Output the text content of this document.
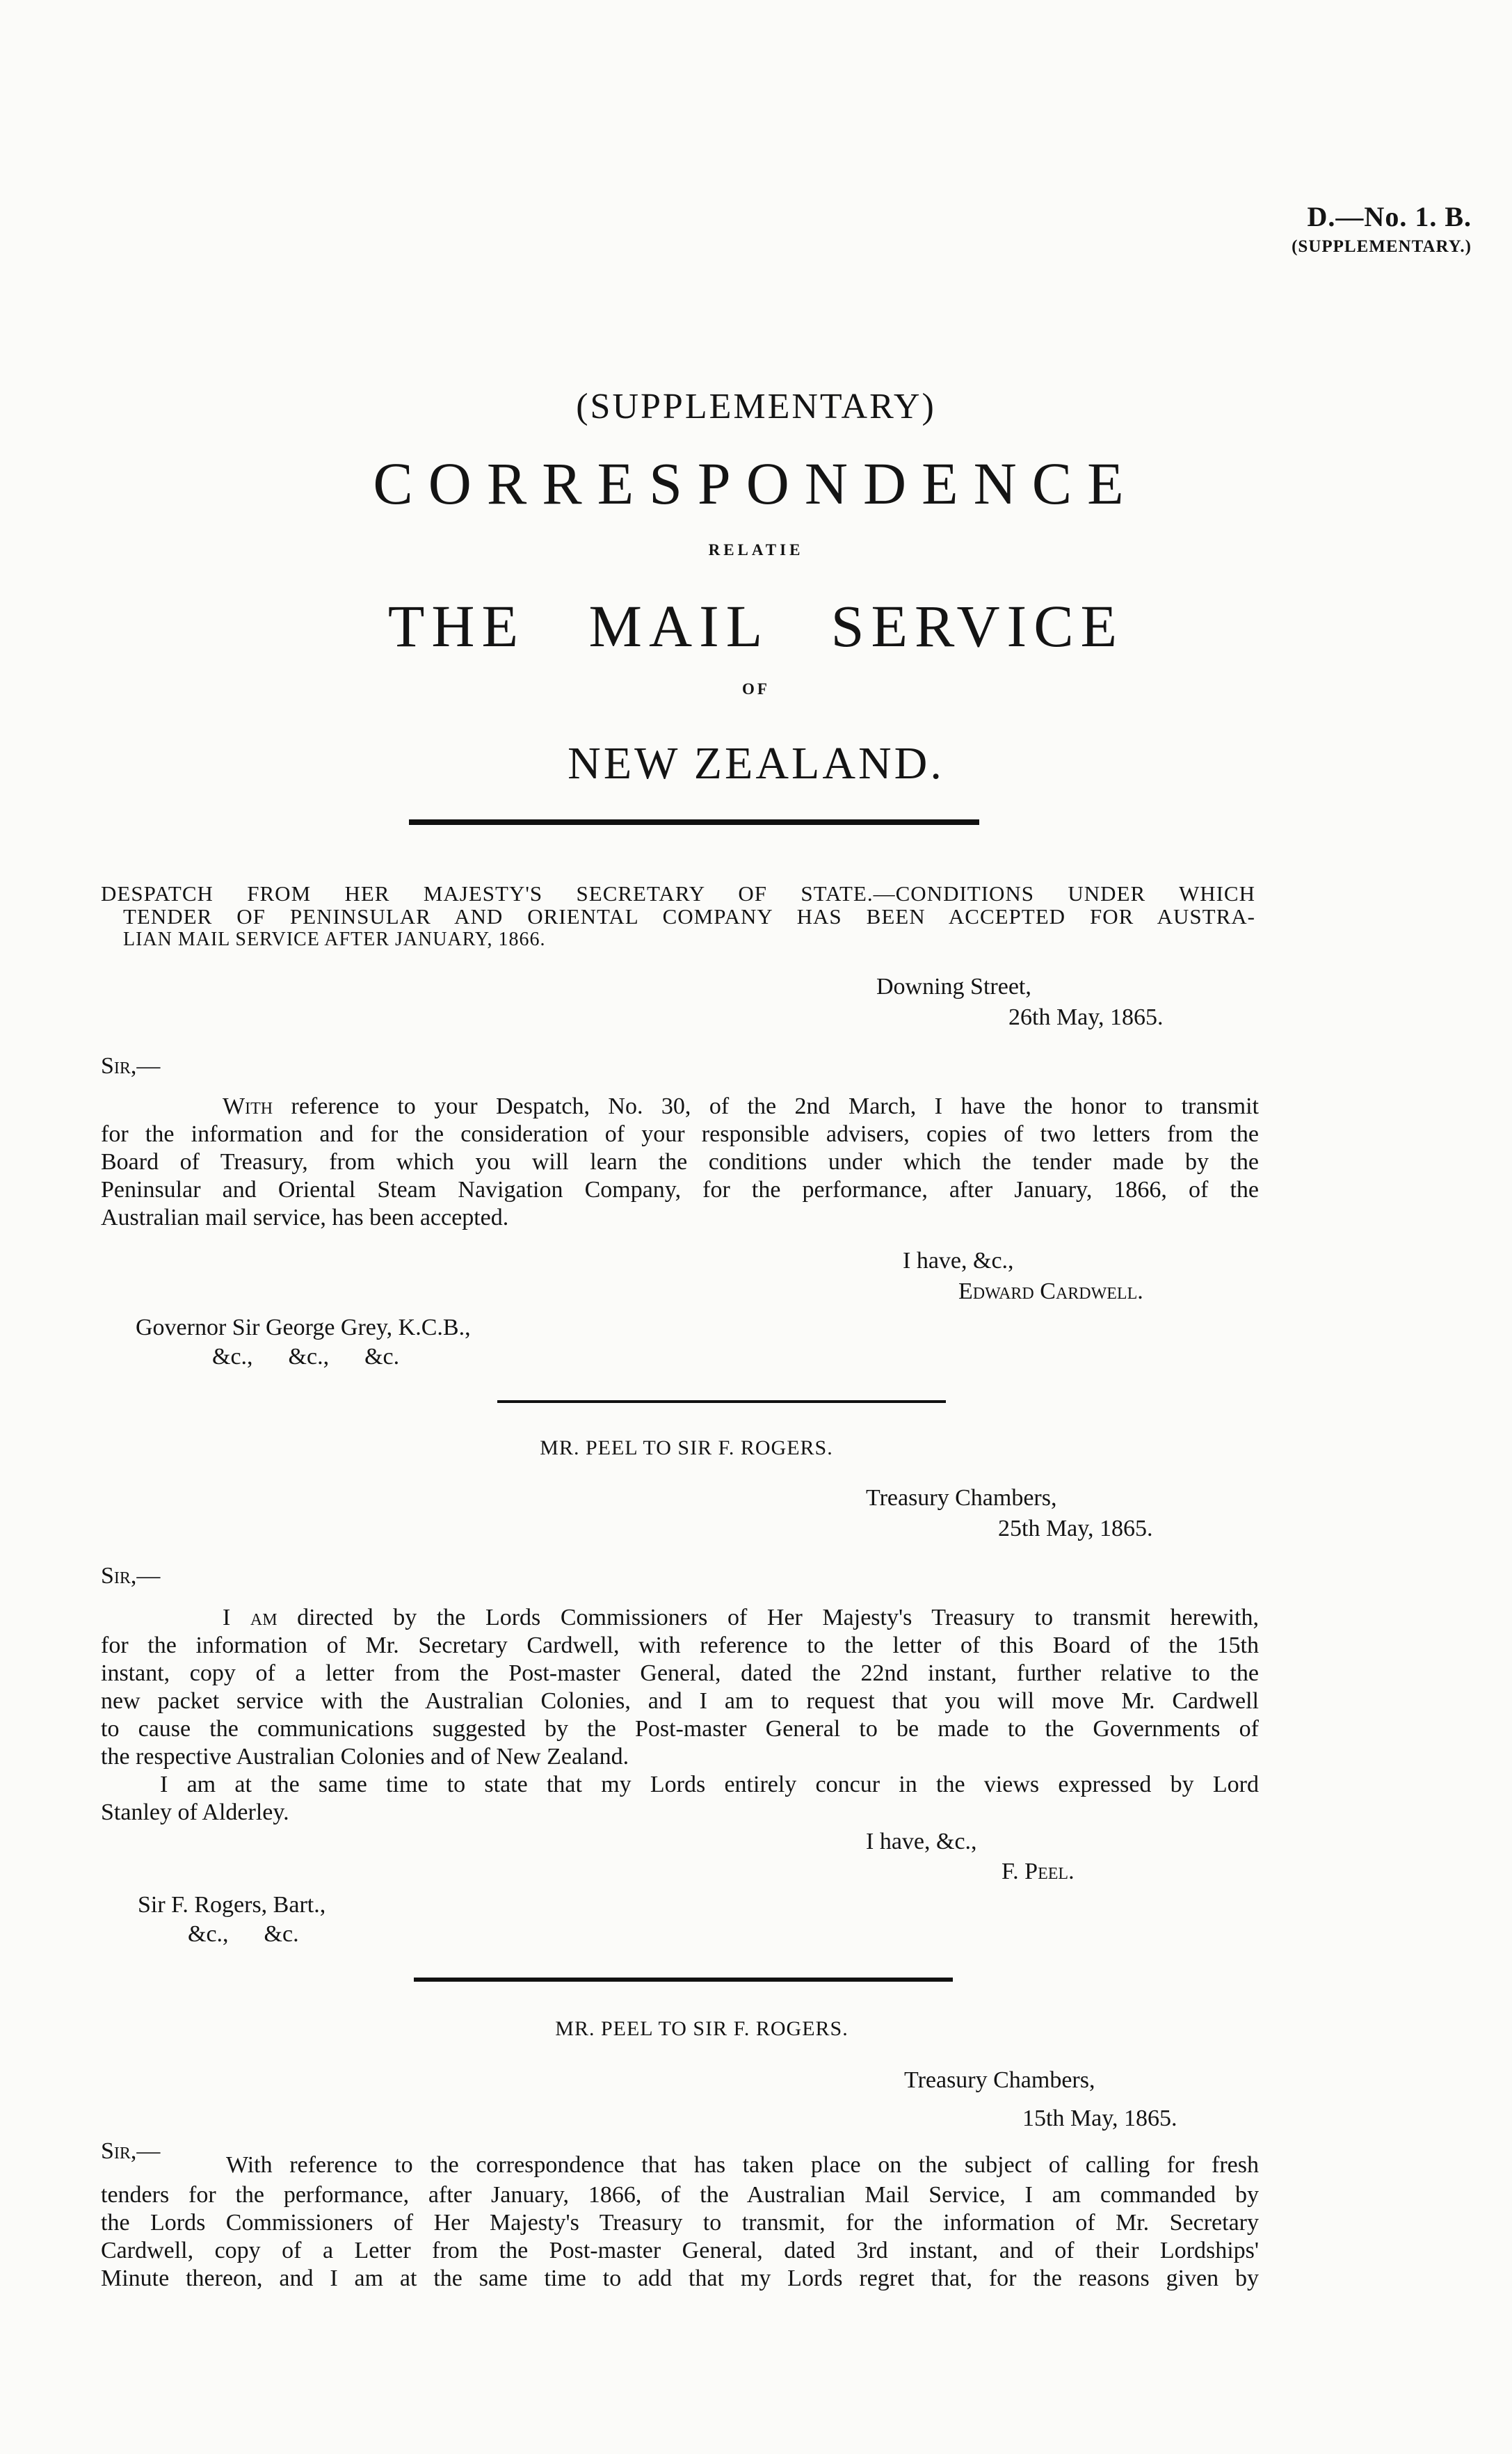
D.—No. 1. B.
(SUPPLEMENTARY.)
(SUPPLEMENTARY)
CORRESPONDENCE
RELATIE
THE MAIL SERVICE
OF
NEW ZEALAND.
DESPATCH FROM HER MAJESTY'S SECRETARY OF STATE.—CONDITIONS UNDER WHICH
TENDER OF PENINSULAR AND ORIENTAL COMPANY HAS BEEN ACCEPTED FOR AUSTRA-
LIAN MAIL SERVICE AFTER JANUARY, 1866.
Downing Street,
26th May, 1865.
Sir,—
With reference to your Despatch, No. 30, of the 2nd March, I have the honor to transmit
for the information and for the consideration of your responsible advisers, copies of two letters from the
Board of Treasury, from which you will learn the conditions under which the tender made by the
Peninsular and Oriental Steam Navigation Company, for the performance, after January, 1866, of the
Australian mail service, has been accepted.
I have, &c.,
Edward Cardwell.
Governor Sir George Grey, K.C.B.,
&c.,      &c.,      &c.
MR. PEEL TO SIR F. ROGERS.
Treasury Chambers,
25th May, 1865.
Sir,—
I am directed by the Lords Commissioners of Her Majesty's Treasury to transmit herewith,
for the information of Mr. Secretary Cardwell, with reference to the letter of this Board of the 15th
instant, copy of a letter from the Post-master General, dated the 22nd instant, further relative to the
new packet service with the Australian Colonies, and I am to request that you will move Mr. Cardwell
to cause the communications suggested by the Post-master General to be made to the Governments of
the respective Australian Colonies and of New Zealand.
I am at the same time to state that my Lords entirely concur in the views expressed by Lord
Stanley of Alderley.
I have, &c.,
F. Peel.
Sir F. Rogers, Bart.,
&c.,      &c.
MR. PEEL TO SIR F. ROGERS.
Treasury Chambers,
15th May, 1865.
Sir,—
With reference to the correspondence that has taken place on the subject of calling for fresh
tenders for the performance, after January, 1866, of the Australian Mail Service, I am commanded by
the Lords Commissioners of Her Majesty's Treasury to transmit, for the information of Mr. Secretary
Cardwell, copy of a Letter from the Post-master General, dated 3rd instant, and of their Lordships'
Minute thereon, and I am at the same time to add that my Lords regret that, for the reasons given by
